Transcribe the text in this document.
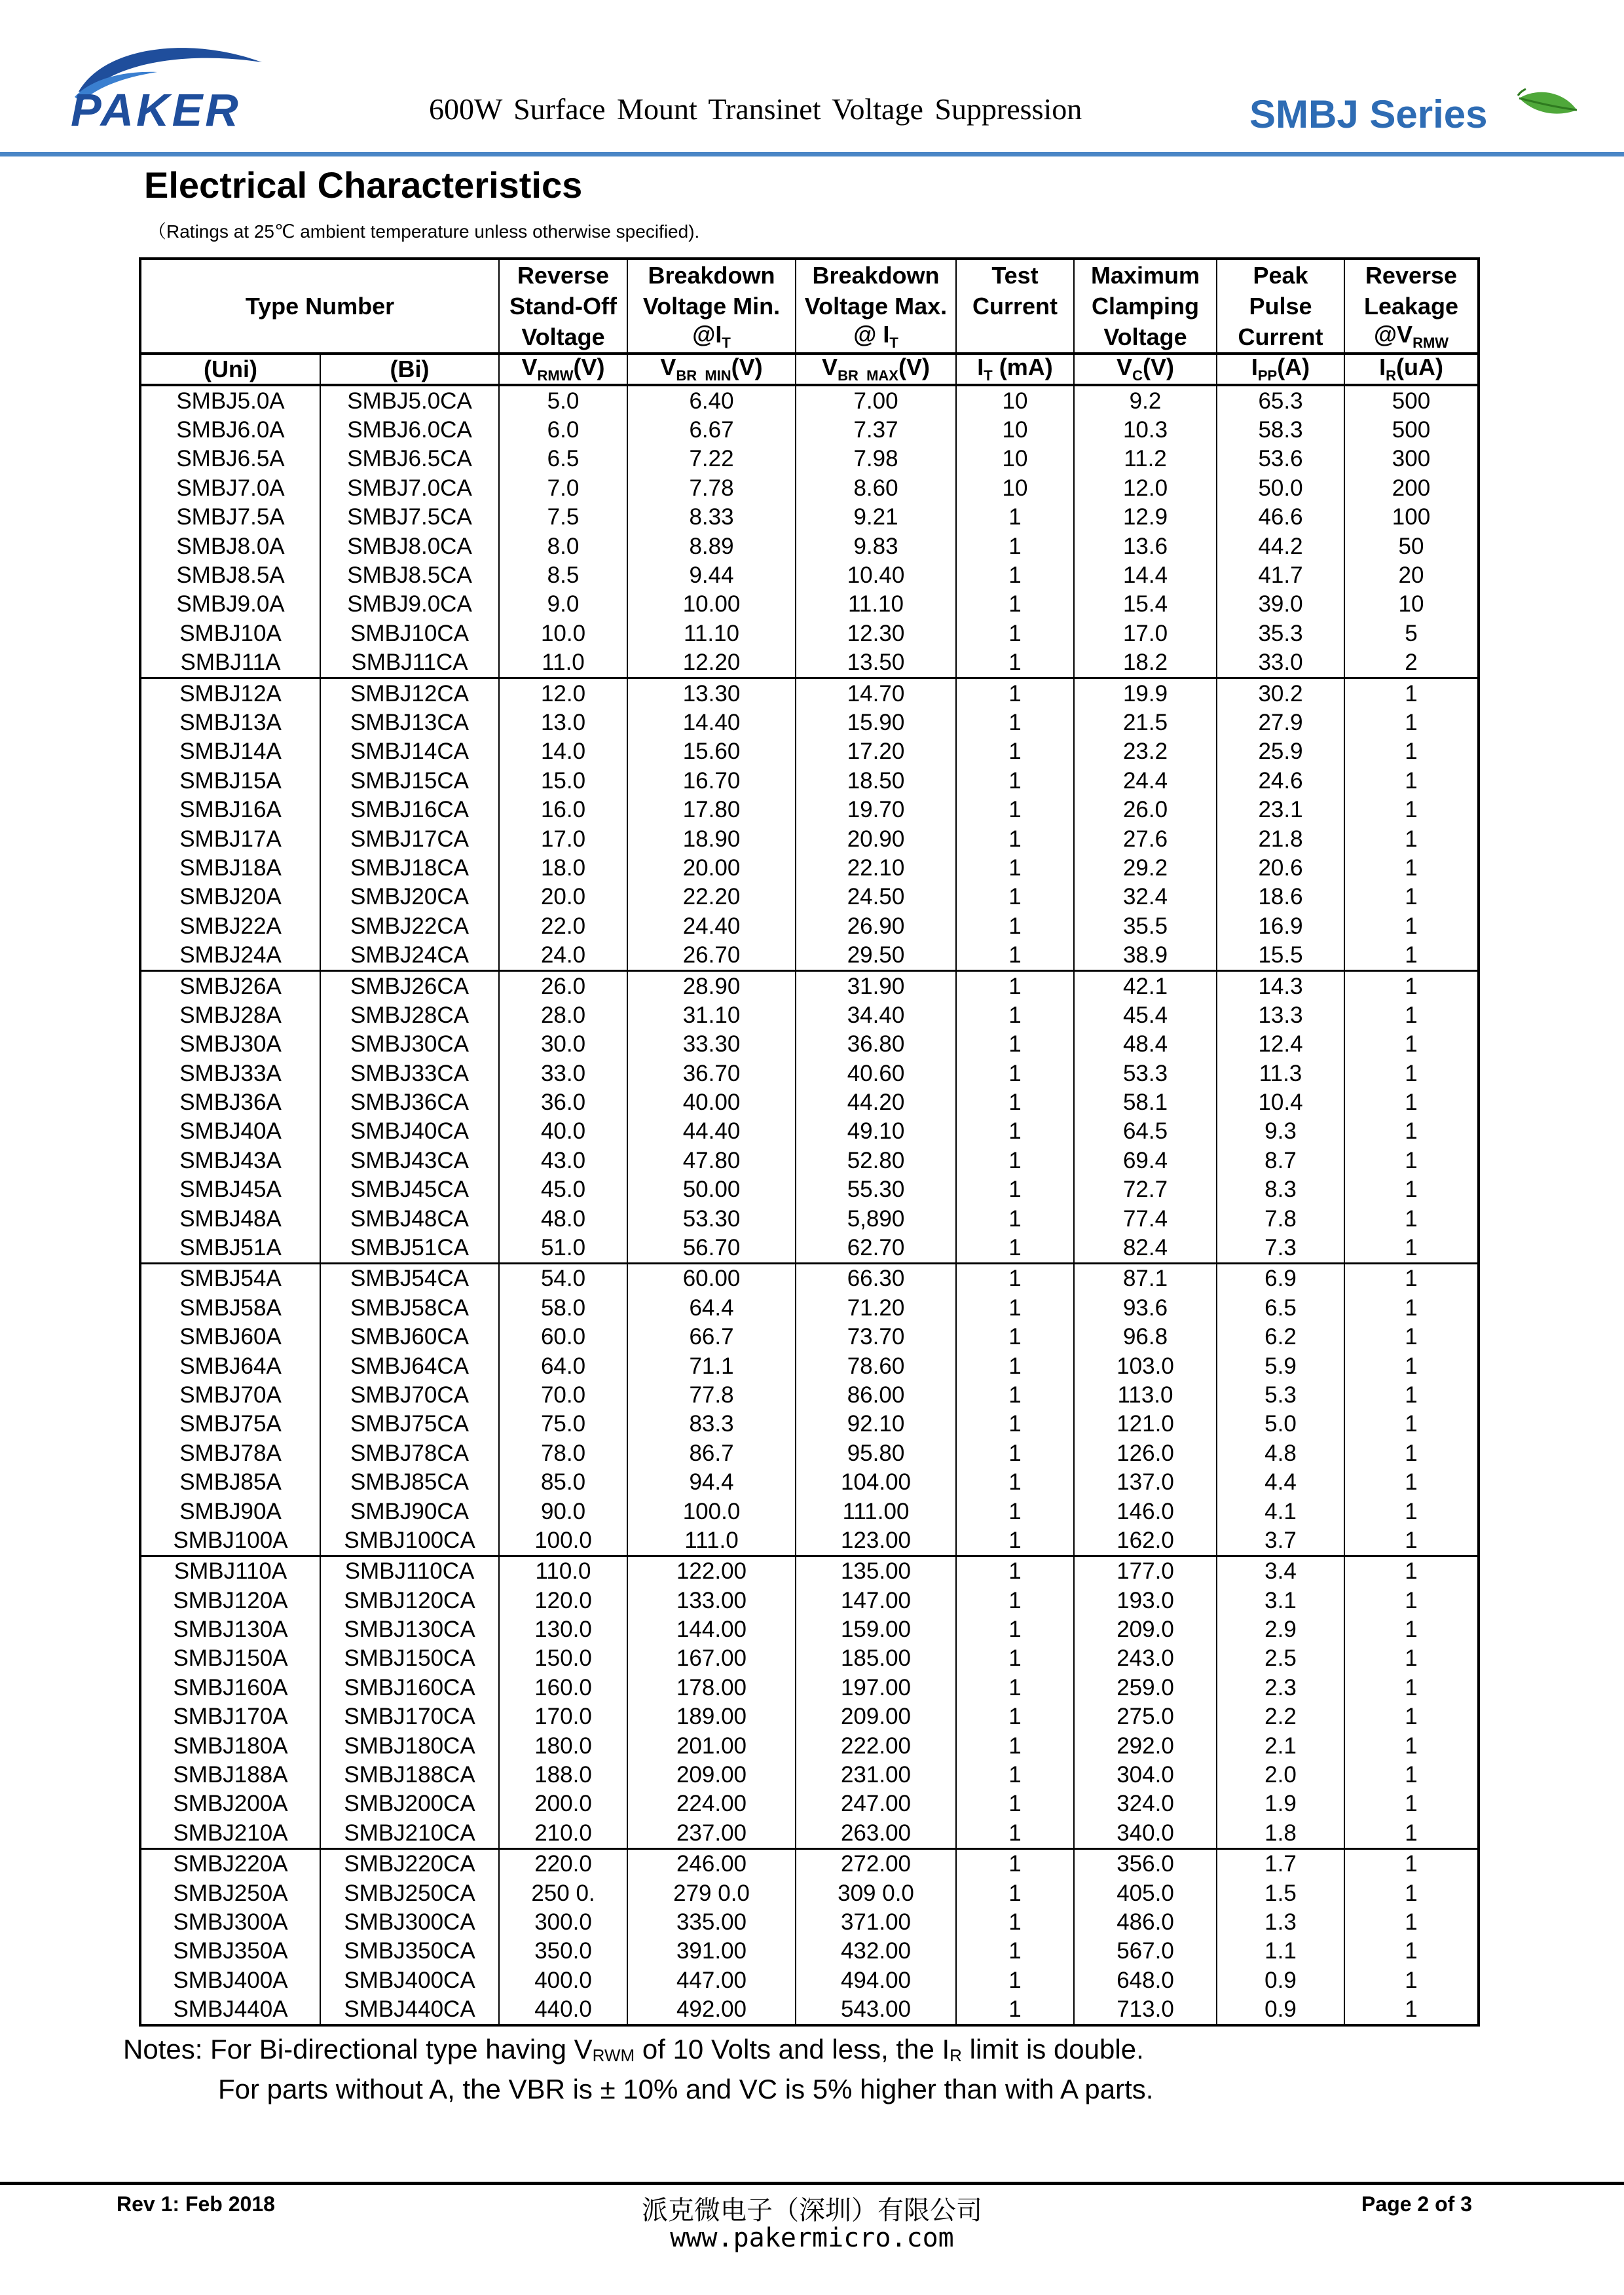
PAKER	600W Surface Mount Transinet Voltage Suppression	SMBJ Series
Electrical Characteristics
（Ratings at 25℃ ambient temperature unless otherwise specified).
Type Number		Reverse	Breakdown	Breakdown	Test	Maximum	Peak	Reverse
		Stand-Off	Voltage Min.	Voltage Max.	Current	Clamping	Pulse	Leakage
		Voltage	$@I_T$	@ $I_T$		Voltage	Current	$@V_{RMW}$
(Uni)	(Bi)	$V_{RMW}(V)$	$V_{BR MIN}(V)$	$V_{BR MAX}(V)$	$I_T$ (mA)	$V_C(V)$	$I_{PP}(A)$	$I_R(uA)$
SMBJ5.0A	SMBJ5.0CA	5.0	6.40	7.00	10	9.2	65.3	500
SMBJ6.0A	SMBJ6.0CA	6.0	6.67	7.37	10	10.3	58.3	500
SMBJ6.5A	SMBJ6.5CA	6.5	7.22	7.98	10	11.2	53.6	300
SMBJ7.0A	SMBJ7.0CA	7.0	7.78	8.60	10	12.0	50.0	200
SMBJ7.5A	SMBJ7.5CA	7.5	8.33	9.21	1	12.9	46.6	100
SMBJ8.0A	SMBJ8.0CA	8.0	8.89	9.83	1	13.6	44.2	50
SMBJ8.5A	SMBJ8.5CA	8.5	9.44	10.40	1	14.4	41.7	20
SMBJ9.0A	SMBJ9.0CA	9.0	10.00	11.10	1	15.4	39.0	10
SMBJ10A	SMBJ10CA	10.0	11.10	12.30	1	17.0	35.3	5
SMBJ11A	SMBJ11CA	11.0	12.20	13.50	1	18.2	33.0	2
SMBJ12A	SMBJ12CA	12.0	13.30	14.70	1	19.9	30.2	1
SMBJ13A	SMBJ13CA	13.0	14.40	15.90	1	21.5	27.9	1
SMBJ14A	SMBJ14CA	14.0	15.60	17.20	1	23.2	25.9	1
SMBJ15A	SMBJ15CA	15.0	16.70	18.50	1	24.4	24.6	1
SMBJ16A	SMBJ16CA	16.0	17.80	19.70	1	26.0	23.1	1
SMBJ17A	SMBJ17CA	17.0	18.90	20.90	1	27.6	21.8	1
SMBJ18A	SMBJ18CA	18.0	20.00	22.10	1	29.2	20.6	1
SMBJ20A	SMBJ20CA	20.0	22.20	24.50	1	32.4	18.6	1
SMBJ22A	SMBJ22CA	22.0	24.40	26.90	1	35.5	16.9	1
SMBJ24A	SMBJ24CA	24.0	26.70	29.50	1	38.9	15.5	1
SMBJ26A	SMBJ26CA	26.0	28.90	31.90	1	42.1	14.3	1
SMBJ28A	SMBJ28CA	28.0	31.10	34.40	1	45.4	13.3	1
SMBJ30A	SMBJ30CA	30.0	33.30	36.80	1	48.4	12.4	1
SMBJ33A	SMBJ33CA	33.0	36.70	40.60	1	53.3	11.3	1
SMBJ36A	SMBJ36CA	36.0	40.00	44.20	1	58.1	10.4	1
SMBJ40A	SMBJ40CA	40.0	44.40	49.10	1	64.5	9.3	1
SMBJ43A	SMBJ43CA	43.0	47.80	52.80	1	69.4	8.7	1
SMBJ45A	SMBJ45CA	45.0	50.00	55.30	1	72.7	8.3	1
SMBJ48A	SMBJ48CA	48.0	53.30	5,890	1	77.4	7.8	1
SMBJ51A	SMBJ51CA	51.0	56.70	62.70	1	82.4	7.3	1
SMBJ54A	SMBJ54CA	54.0	60.00	66.30	1	87.1	6.9	1
SMBJ58A	SMBJ58CA	58.0	64.4	71.20	1	93.6	6.5	1
SMBJ60A	SMBJ60CA	60.0	66.7	73.70	1	96.8	6.2	1
SMBJ64A	SMBJ64CA	64.0	71.1	78.60	1	103.0	5.9	1
SMBJ70A	SMBJ70CA	70.0	77.8	86.00	1	113.0	5.3	1
SMBJ75A	SMBJ75CA	75.0	83.3	92.10	1	121.0	5.0	1
SMBJ78A	SMBJ78CA	78.0	86.7	95.80	1	126.0	4.8	1
SMBJ85A	SMBJ85CA	85.0	94.4	104.00	1	137.0	4.4	1
SMBJ90A	SMBJ90CA	90.0	100.0	111.00	1	146.0	4.1	1
SMBJ100A	SMBJ100CA	100.0	111.0	123.00	1	162.0	3.7	1
SMBJ110A	SMBJ110CA	110.0	122.00	135.00	1	177.0	3.4	1
SMBJ120A	SMBJ120CA	120.0	133.00	147.00	1	193.0	3.1	1
SMBJ130A	SMBJ130CA	130.0	144.00	159.00	1	209.0	2.9	1
SMBJ150A	SMBJ150CA	150.0	167.00	185.00	1	243.0	2.5	1
SMBJ160A	SMBJ160CA	160.0	178.00	197.00	1	259.0	2.3	1
SMBJ170A	SMBJ170CA	170.0	189.00	209.00	1	275.0	2.2	1
SMBJ180A	SMBJ180CA	180.0	201.00	222.00	1	292.0	2.1	1
SMBJ188A	SMBJ188CA	188.0	209.00	231.00	1	304.0	2.0	1
SMBJ200A	SMBJ200CA	200.0	224.00	247.00	1	324.0	1.9	1
SMBJ210A	SMBJ210CA	210.0	237.00	263.00	1	340.0	1.8	1
SMBJ220A	SMBJ220CA	220.0	246.00	272.00	1	356.0	1.7	1
SMBJ250A	SMBJ250CA	250 0.	279 0.0	309 0.0	1	405.0	1.5	1
SMBJ300A	SMBJ300CA	300.0	335.00	371.00	1	486.0	1.3	1
SMBJ350A	SMBJ350CA	350.0	391.00	432.00	1	567.0	1.1	1
SMBJ400A	SMBJ400CA	400.0	447.00	494.00	1	648.0	0.9	1
SMBJ440A	SMBJ440CA	440.0	492.00	543.00	1	713.0	0.9	1
Notes: For Bi-directional type having $V_{RWM}$ of 10 Volts and less, the $I_R$ limit is double.
For parts without A, the VBR is ± 10% and VC is 5% higher than with A parts.
Rev 1: Feb 2018	派克微电子（深圳）有限公司
www.pakermicro.com
Page 2 of 3
